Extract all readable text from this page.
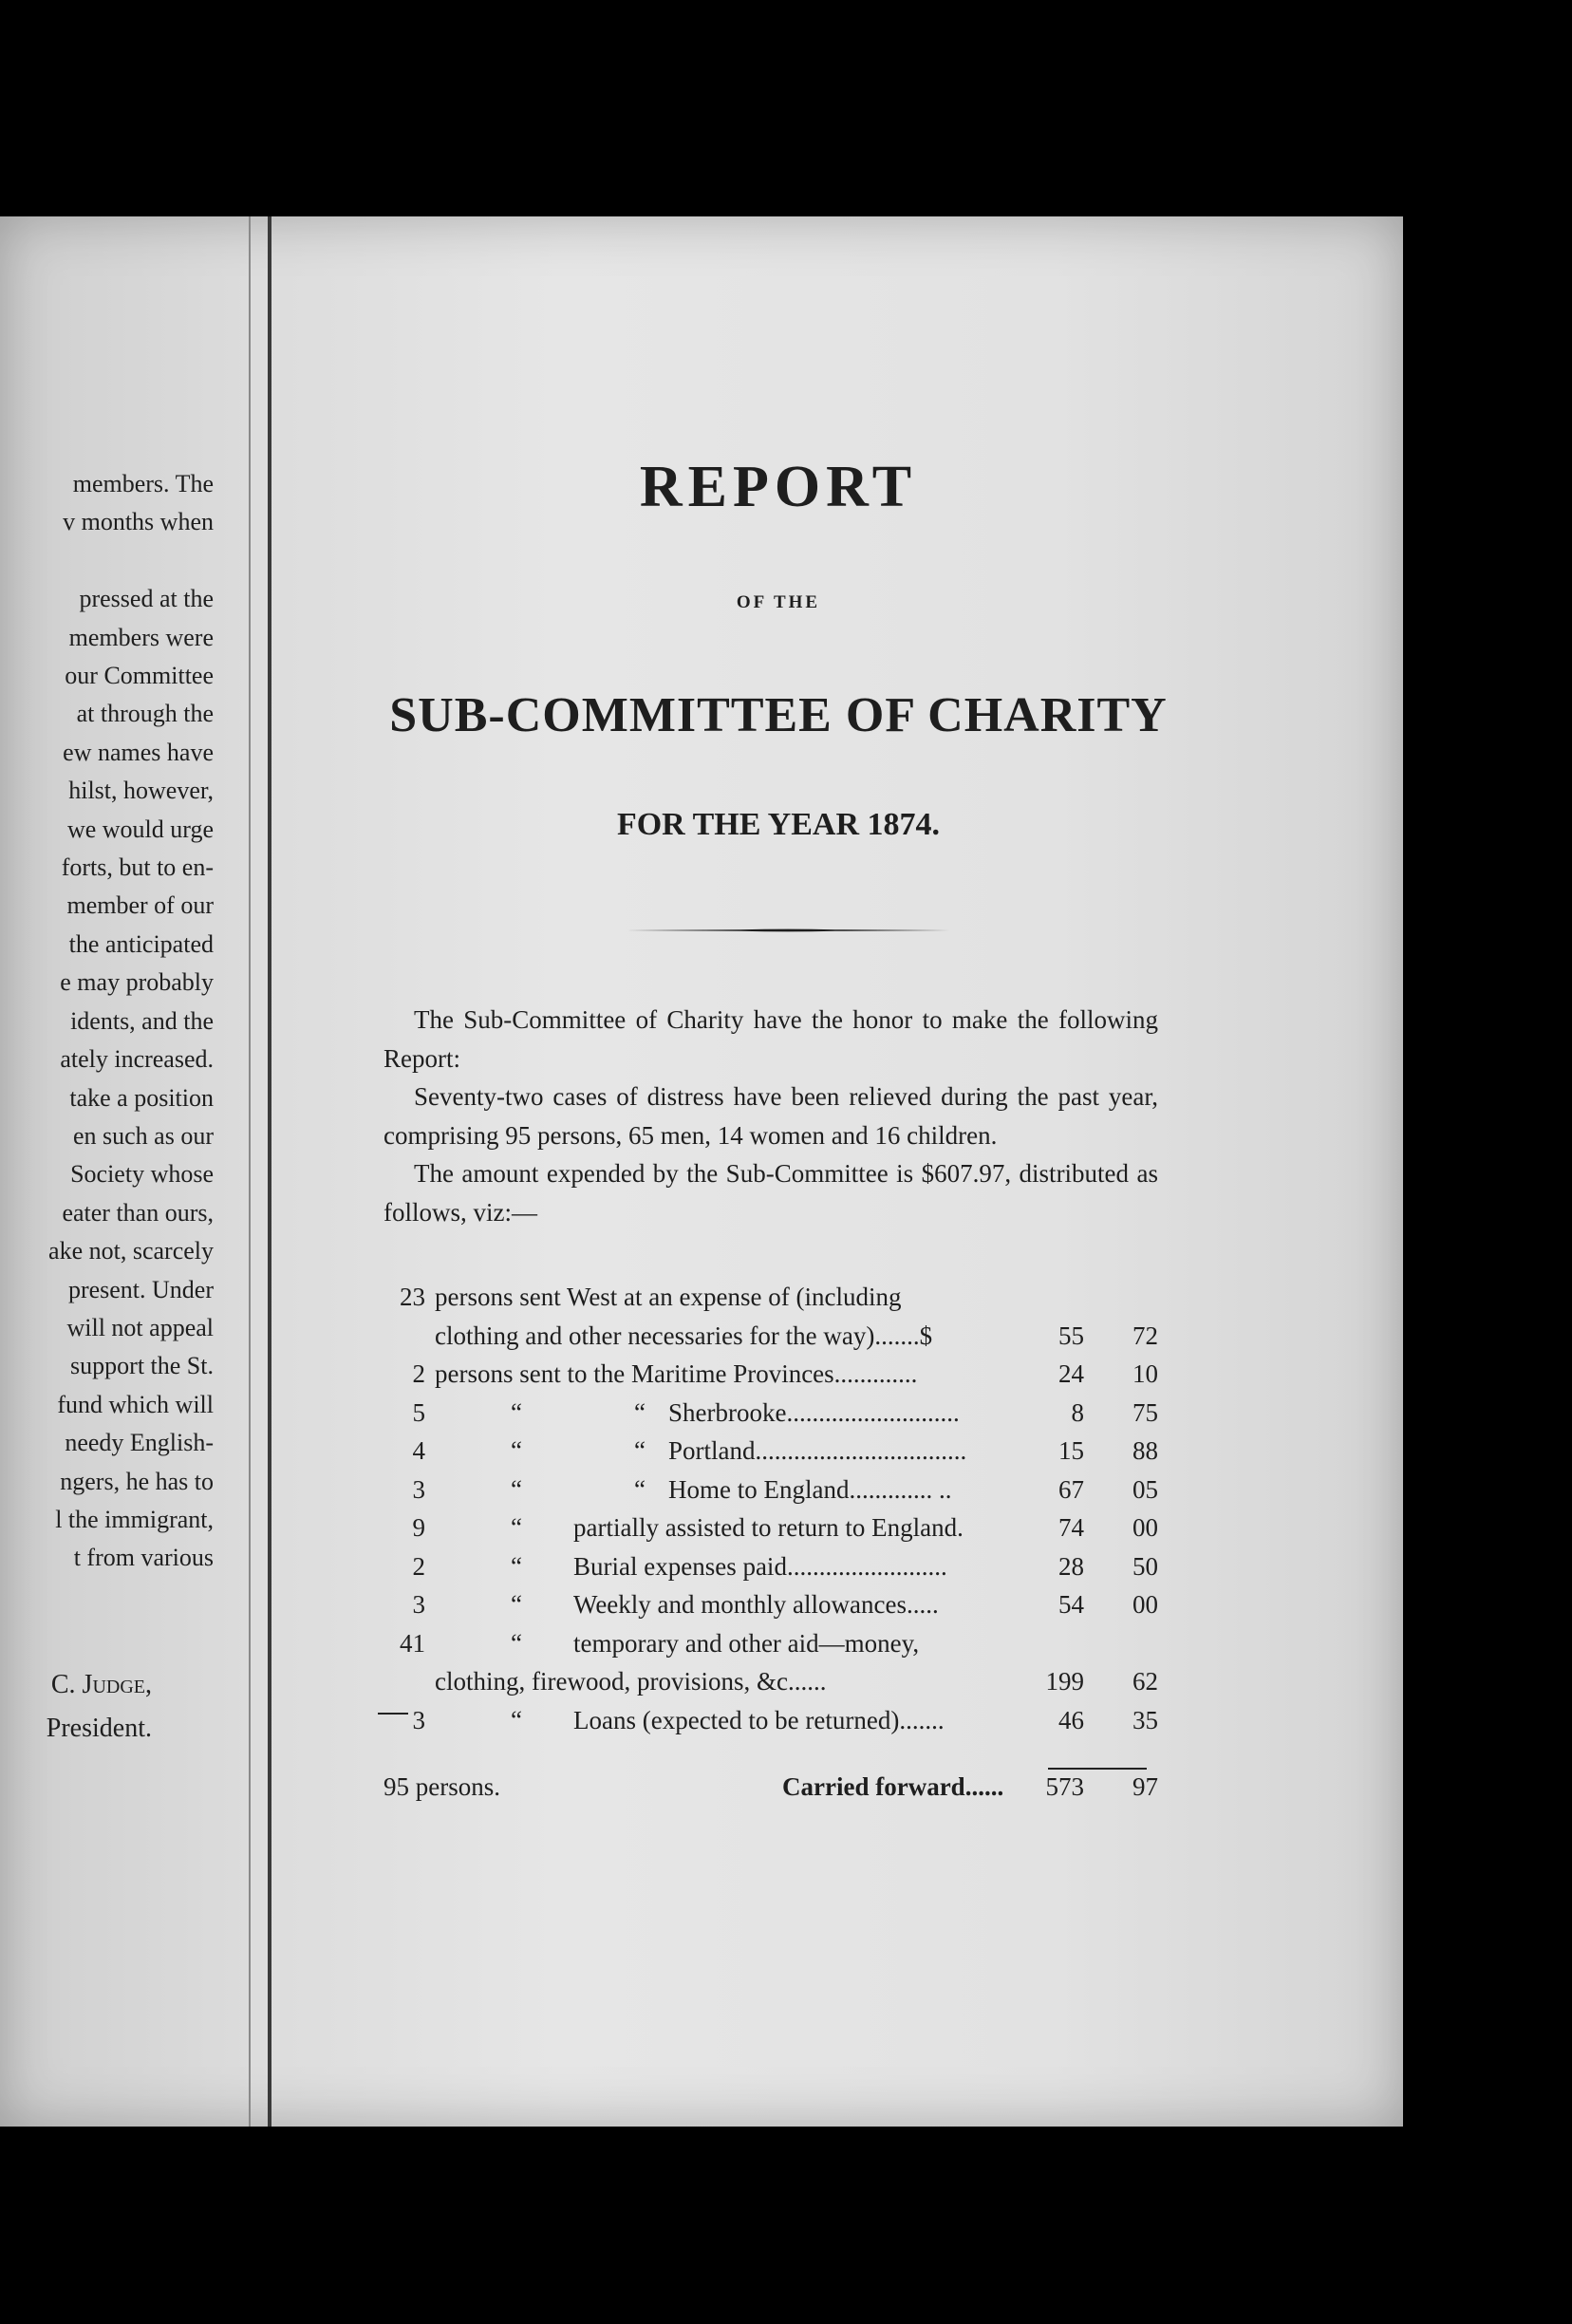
members. The
v months when

pressed at the
members were
our Committee
at through the
ew names have
hilst, however,
we would urge
forts, but to en-
member of our
the anticipated
e may probably
idents, and the
ately increased.
take a position
en such as our
Society whose
eater than ours,
ake not, scarcely
present. Under
will not appeal
support the St.
fund which will
needy English-
ngers, he has to
l the immigrant,
t from various
C. Judge,
President.
REPORT
OF THE
SUB-COMMITTEE OF CHARITY
FOR THE YEAR 1874.

The Sub-Committee of Charity have the honor to make the following Report:

Seventy-two cases of distress have been relieved during the past year, comprising 95 persons, 65 men, 14 women and 16 children.

The amount expended by the Sub-Committee is $607.97, distributed as follows, viz:—

23 persons sent West at an expense of (including
clothing and other necessaries for the way).......$	55	72
2 persons sent to the Maritime Provinces.............	24	10
5	“	“ Sherbrooke...........................	8	75
4	“	“ Portland.................................	15	88
3	“	“ Home to England............. ..	67	05
9	“	partially assisted to return to England.	74	00
2	“	Burial expenses paid.........................	28	50
3	“	Weekly and monthly allowances.....	54	00
41	“	temporary and other aid—money,
clothing, firewood, provisions, &c......	199	62
3	“	Loans (expected to be returned).......	46	35
95 persons.	Carried forward......	573	97
